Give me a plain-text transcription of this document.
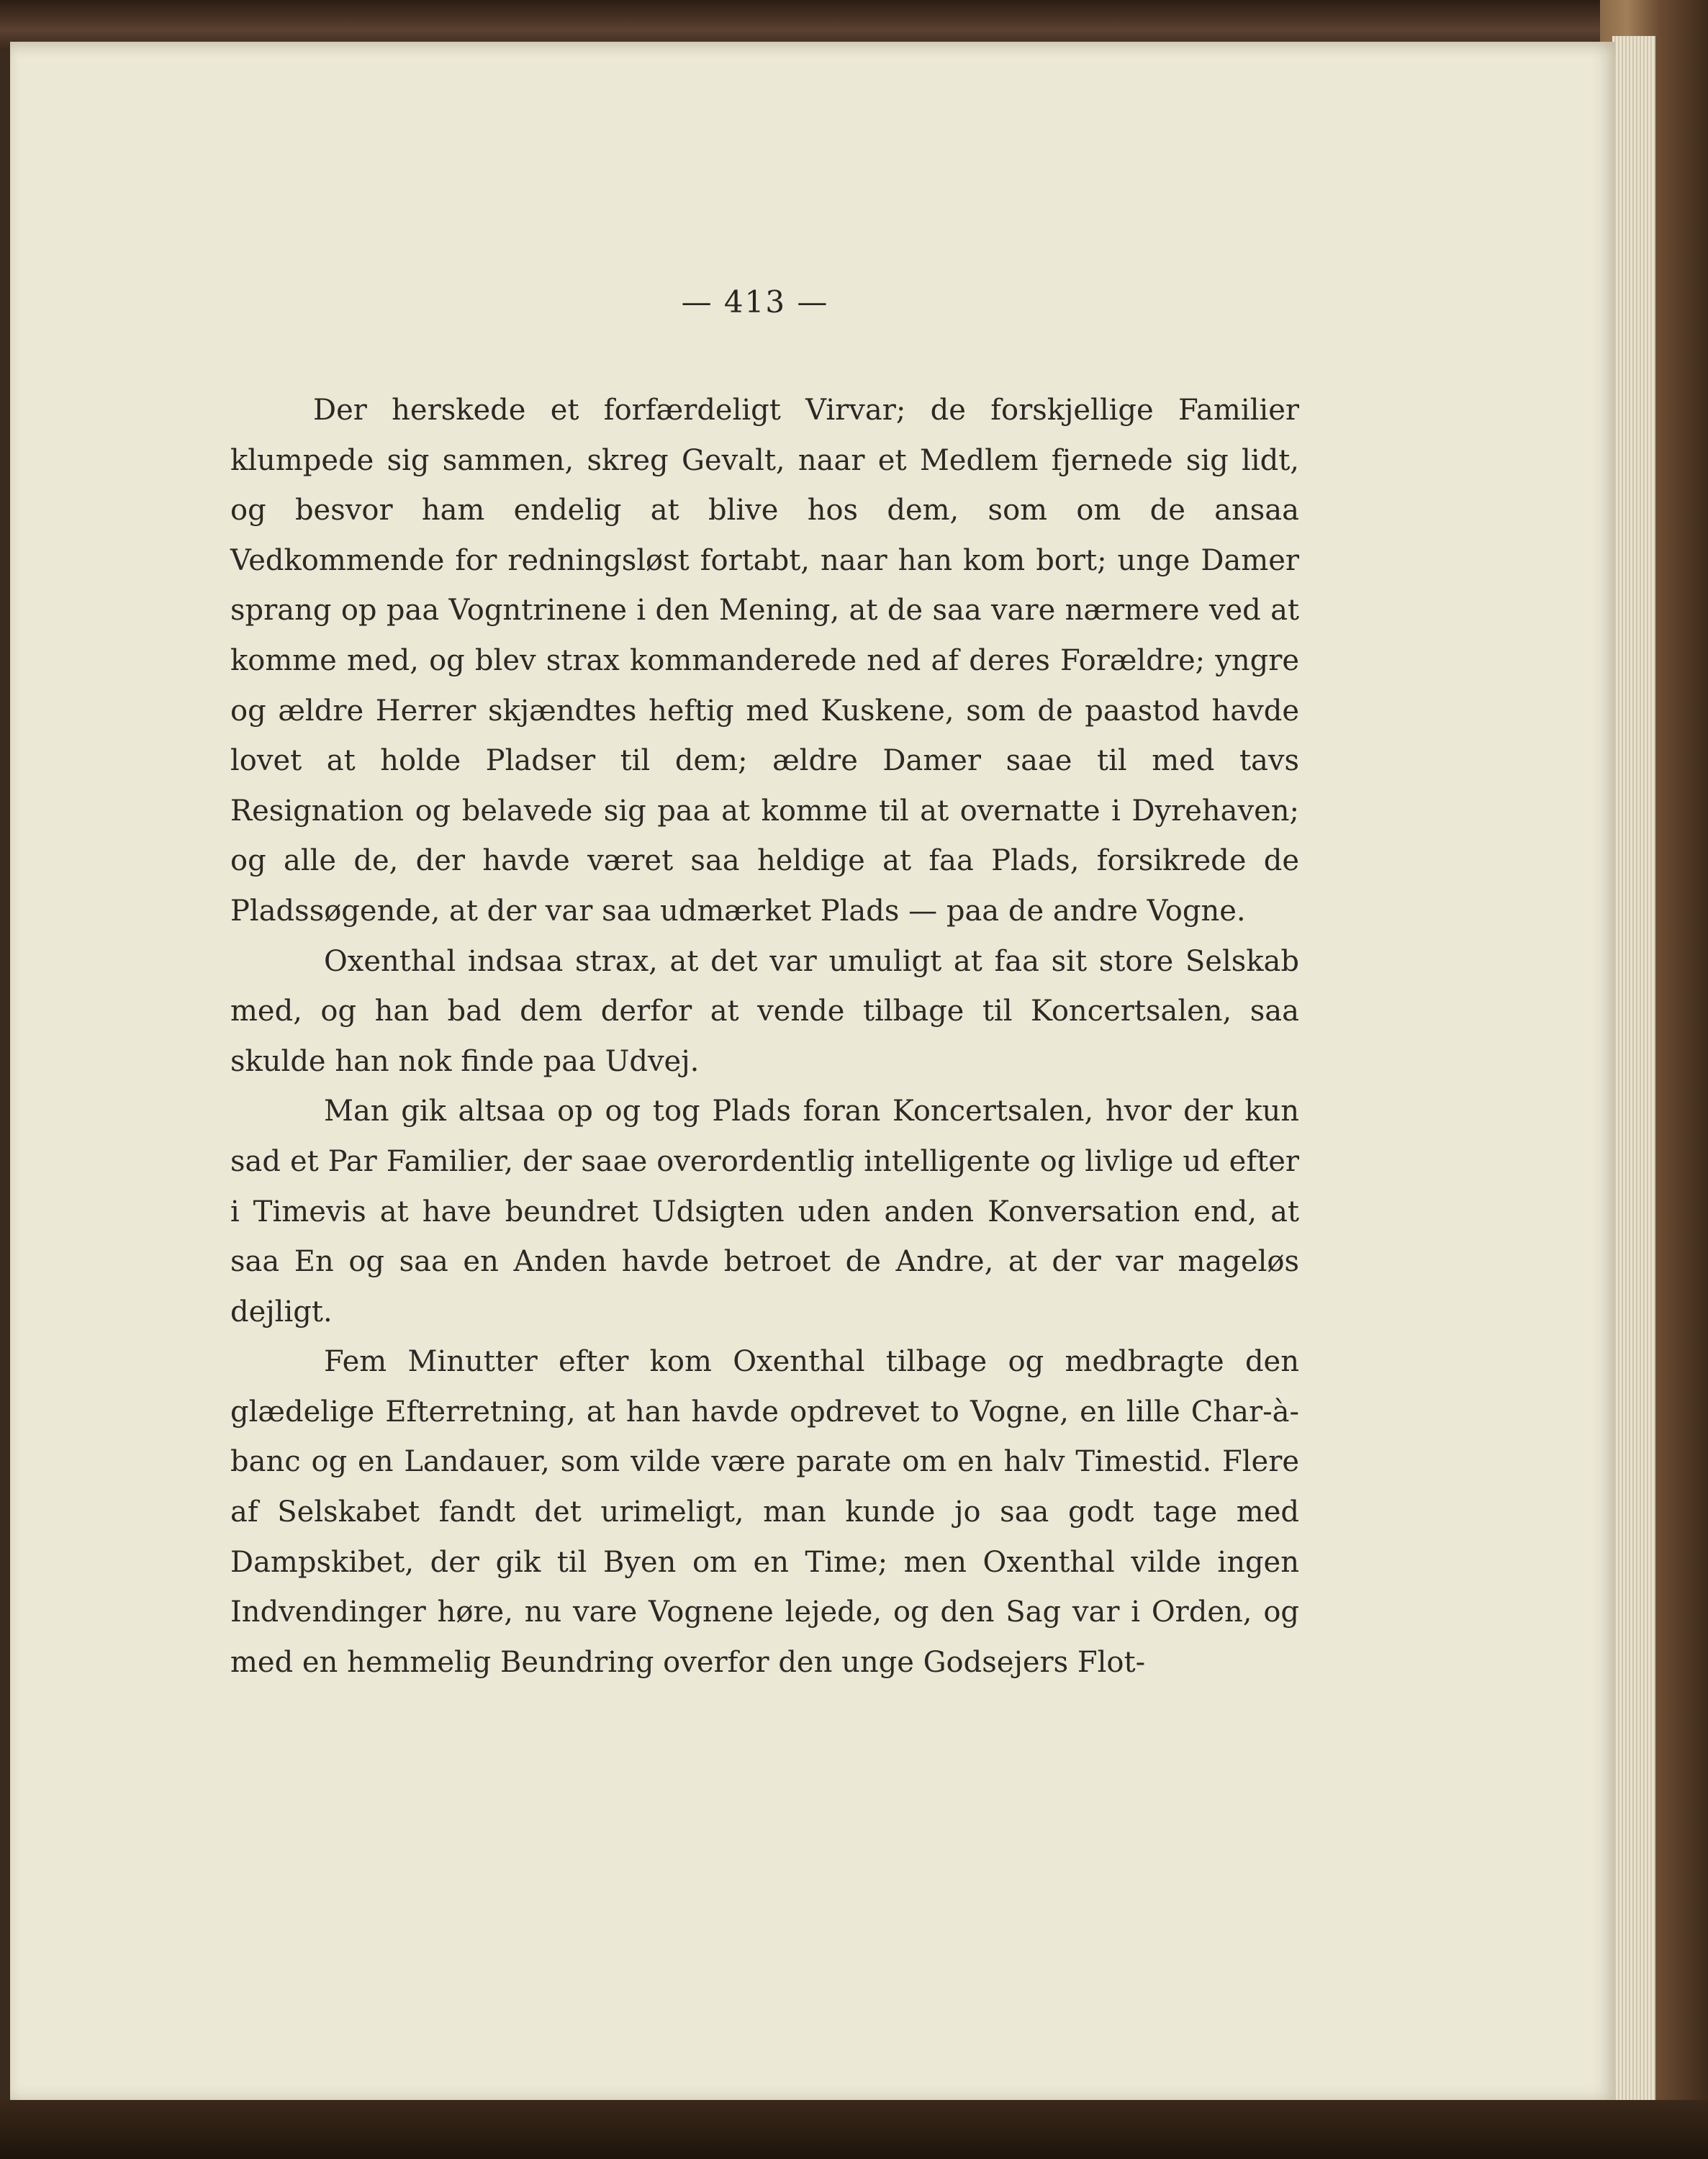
— 413 —

Der herskede et forfærdeligt Virvar; de forskjellige Familier klumpede sig sammen, skreg Gevalt, naar et Medlem fjernede sig lidt, og besvor ham endelig at blive hos dem, som om de ansaa Vedkommende for redningsløst fortabt, naar han kom bort; unge Damer sprang op paa Vogntrinene i den Mening, at de saa vare nærmere ved at komme med, og blev strax kommanderede ned af deres Forældre; yngre og ældre Herrer skjændtes heftig med Kuskene, som de paastod havde lovet at holde Pladser til dem; ældre Damer saae til med tavs Resignation og belavede sig paa at komme til at overnatte i Dyrehaven; og alle de, der havde været saa heldige at faa Plads, forsikrede de Pladssøgende, at der var saa udmærket Plads — paa de andre Vogne.

Oxenthal indsaa strax, at det var umuligt at faa sit store Selskab med, og han bad dem derfor at vende tilbage til Koncertsalen, saa skulde han nok finde paa Udvej.

Man gik altsaa op og tog Plads foran Koncertsalen, hvor der kun sad et Par Familier, der saae overordentlig intelligente og livlige ud efter i Timevis at have beundret Udsigten uden anden Konversation end, at saa En og saa en Anden havde betroet de Andre, at der var mageløs dejligt.

Fem Minutter efter kom Oxenthal tilbage og medbragte den glædelige Efterretning, at han havde opdrevet to Vogne, en lille Char-à-banc og en Landauer, som vilde være parate om en halv Timestid. Flere af Selskabet fandt det urimeligt, man kunde jo saa godt tage med Dampskibet, der gik til Byen om en Time; men Oxenthal vilde ingen Indvendinger høre, nu vare Vognene lejede, og den Sag var i Orden, og med en hemmelig Beundring overfor den unge Godsejers Flot-
